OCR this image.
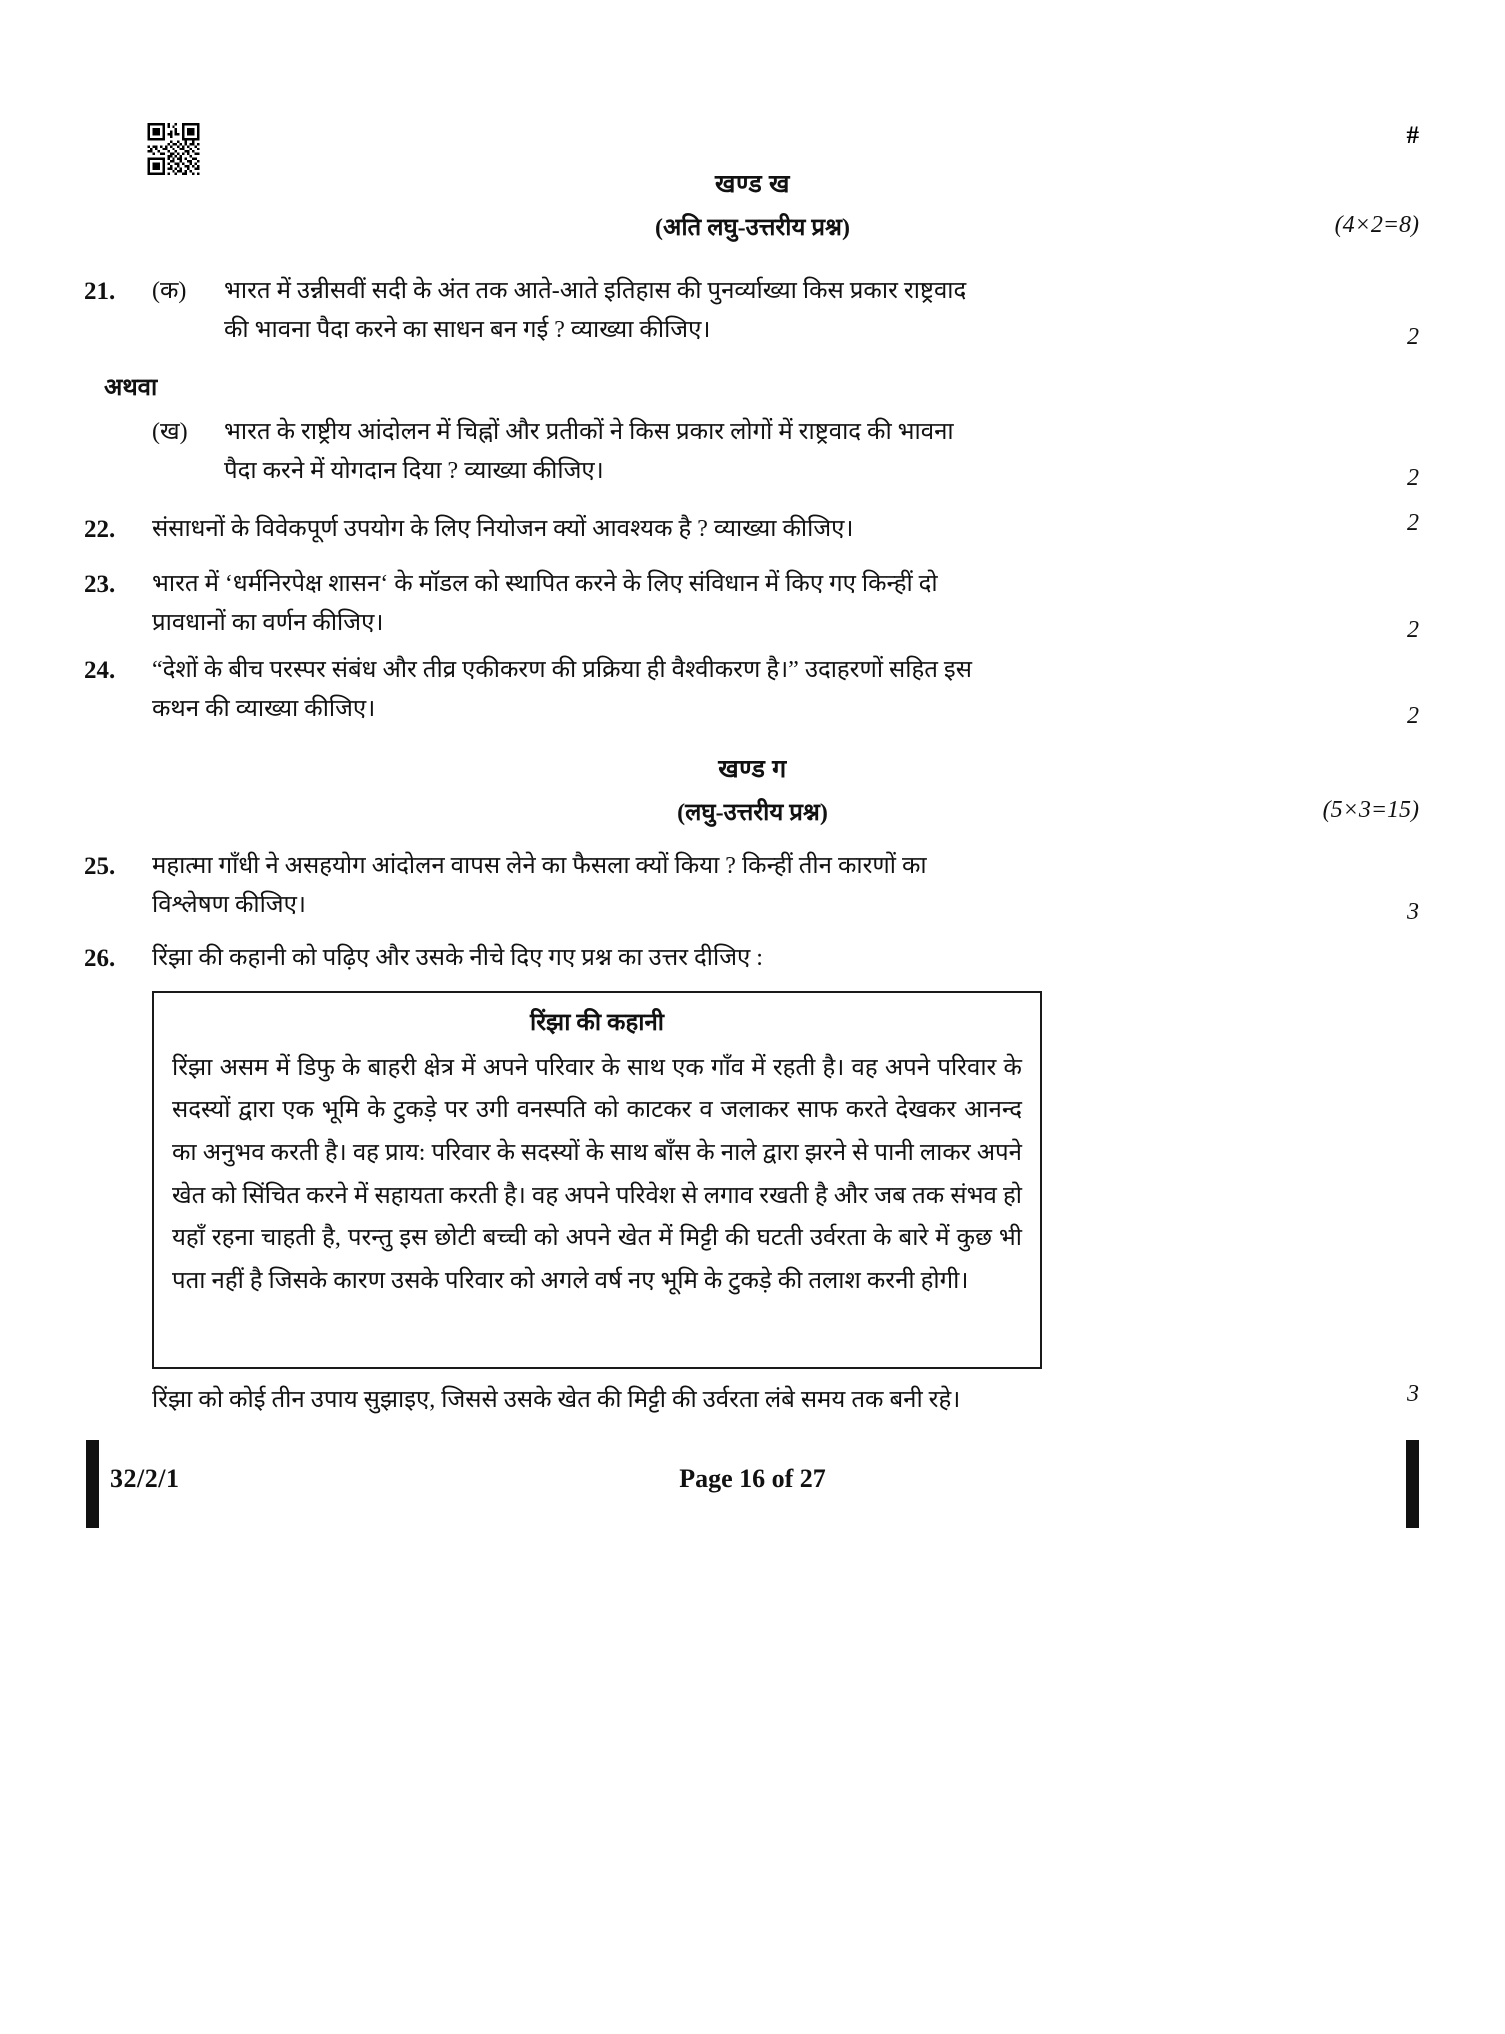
#
खण्ड ख
(अति लघु-उत्तरीय प्रश्न)	(4×2=8)
21.	(क)	भारत में उन्नीसवीं सदी के अंत तक आते-आते इतिहास की पुनर्व्याख्या किस प्रकार राष्ट्रवाद
की भावना पैदा करने का साधन बन गई ? व्याख्या कीजिए।	2
अथवा
(ख)	भारत के राष्ट्रीय आंदोलन में चिह्नों और प्रतीकों ने किस प्रकार लोगों में राष्ट्रवाद की भावना
पैदा करने में योगदान दिया ? व्याख्या कीजिए।	2
22.	संसाधनों के विवेकपूर्ण उपयोग के लिए नियोजन क्यों आवश्यक है ? व्याख्या कीजिए।	2
23.	भारत में ‘धर्मनिरपेक्ष शासन‘ के मॉडल को स्थापित करने के लिए संविधान में किए गए किन्हीं दो
प्रावधानों का वर्णन कीजिए।	2
24.	“देशों के बीच परस्पर संबंध और तीव्र एकीकरण की प्रक्रिया ही वैश्वीकरण है।” उदाहरणों सहित इस
कथन की व्याख्या कीजिए।	2
खण्ड ग
(लघु-उत्तरीय प्रश्न)	(5×3=15)
25.	महात्मा गाँधी ने असहयोग आंदोलन वापस लेने का फैसला क्यों किया ? किन्हीं तीन कारणों का
विश्लेषण कीजिए।	3
26.	रिंझा की कहानी को पढ़िए और उसके नीचे दिए गए प्रश्न का उत्तर दीजिए :
रिंझा की कहानी
रिंझा असम में डिफु के बाहरी क्षेत्र में अपने परिवार के साथ एक गाँव में रहती है। वह अपने परिवार के सदस्यों द्वारा एक भूमि के टुकड़े पर उगी वनस्पति को काटकर व जलाकर साफ करते देखकर आनन्द का अनुभव करती है। वह प्राय: परिवार के सदस्यों के साथ बाँस के नाले द्वारा झरने से पानी लाकर अपने खेत को सिंचित करने में सहायता करती है। वह अपने परिवेश से लगाव रखती है और जब तक संभव हो यहाँ रहना चाहती है, परन्तु इस छोटी बच्ची को अपने खेत में मिट्टी की घटती उर्वरता के बारे में कुछ भी पता नहीं है जिसके कारण उसके परिवार को अगले वर्ष नए भूमि के टुकड़े की तलाश करनी होगी।
रिंझा को कोई तीन उपाय सुझाइए, जिससे उसके खेत की मिट्टी की उर्वरता लंबे समय तक बनी रहे।	3
32/2/1	Page 16 of 27
